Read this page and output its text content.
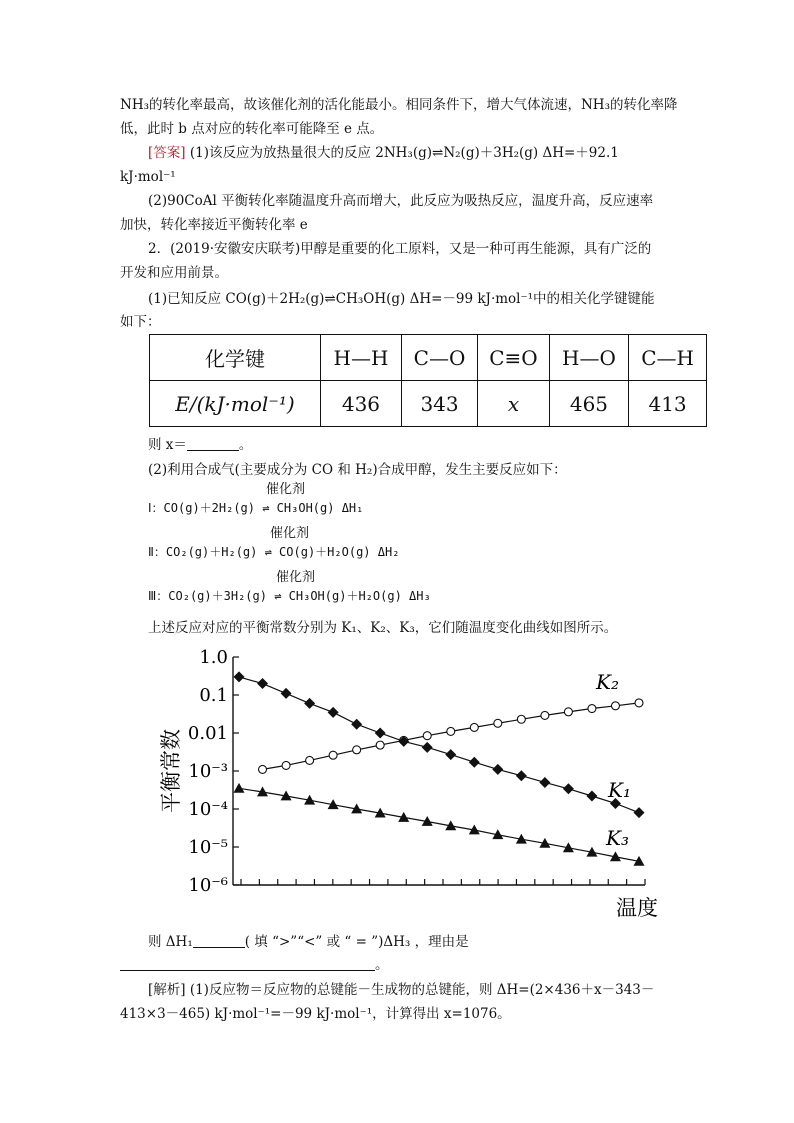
NH₃的转化率最高，故该催化剂的活化能最小。相同条件下，增大气体流速，NH₃的转化率降
低，此时 b 点对应的转化率可能降至 e 点。
[答案] (1)该反应为放热量很大的反应 2NH₃(g)⇌N₂(g)＋3H₂(g) ΔH=＋92.1
kJ·mol⁻¹
(2)90CoAl 平衡转化率随温度升高而增大，此反应为吸热反应，温度升高，反应速率
加快，转化率接近平衡转化率 e
2．(2019·安徽安庆联考)甲醇是重要的化工原料，又是一种可再生能源，具有广泛的
开发和应用前景。
(1)已知反应 CO(g)＋2H₂(g)⇌CH₃OH(g) ΔH=－99 kJ·mol⁻¹中的相关化学键键能
如下：
化学键	H—H	C—O	C≡O	H—O	C—H
E/(kJ·mol⁻¹)	436	343	x	465	413
则 x＝	。
(2)利用合成气(主要成分为 CO 和 H₂)合成甲醇，发生主要反应如下：
催化剂
Ⅰ：CO(g)＋2H₂(g) ⇌ CH₃OH(g) ΔH₁
催化剂
Ⅱ：CO₂(g)＋H₂(g) ⇌ CO(g)＋H₂O(g) ΔH₂
催化剂
Ⅲ：CO₂(g)＋3H₂(g) ⇌ CH₃OH(g)＋H₂O(g) ΔH₃
上述反应对应的平衡常数分别为 K₁、K₂、K₃，它们随温度变化曲线如图所示。
1.0
0.1
0.01
10⁻³
10⁻⁴
10⁻⁵
10⁻⁶
平衡常数
温度
K₂
K₁
K₃
则 ΔH₁	( 填 “>”“<” 或 “ = ”)ΔH₃ ，理由是
。
[解析] (1)反应物＝反应物的总键能－生成物的总键能，则 ΔH=(2×436＋x－343－
413×3－465) kJ·mol⁻¹=－99 kJ·mol⁻¹，计算得出 x=1076。
